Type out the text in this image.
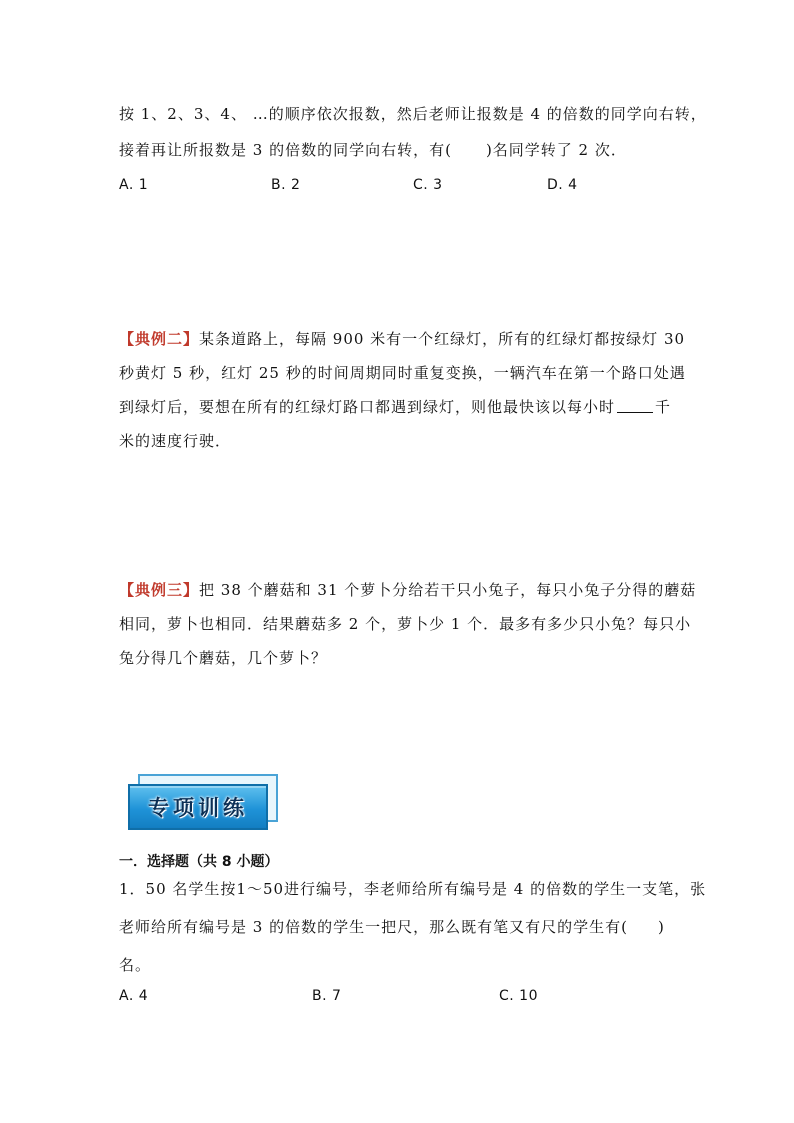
按 1、2、3、4、 …的顺序依次报数，然后老师让报数是 4 的倍数的同学向右转，
接着再让所报数是 3 的倍数的同学向右转，有( )名同学转了 2 次．
A. 1	B. 2	C. 3	D. 4
【典例二】某条道路上，每隔 900 米有一个红绿灯，所有的红绿灯都按绿灯 30
秒黄灯 5 秒，红灯 25 秒的时间周期同时重复变换，一辆汽车在第一个路口处遇
到绿灯后，要想在所有的红绿灯路口都遇到绿灯，则他最快该以每小时	千
米的速度行驶．
【典例三】把 38 个蘑菇和 31 个萝卜分给若干只小兔子，每只小兔子分得的蘑菇
相同，萝卜也相同．结果蘑菇多 2 个，萝卜少 1 个．最多有多少只小兔？每只小
兔分得几个蘑菇，几个萝卜？
专项训练
一．选择题（共 8 小题）
1．50 名学生按1～50进行编号，李老师给所有编号是 4 的倍数的学生一支笔，张
老师给所有编号是 3 的倍数的学生一把尺，那么既有笔又有尺的学生有( )
名。
A. 4	B. 7	C. 10
